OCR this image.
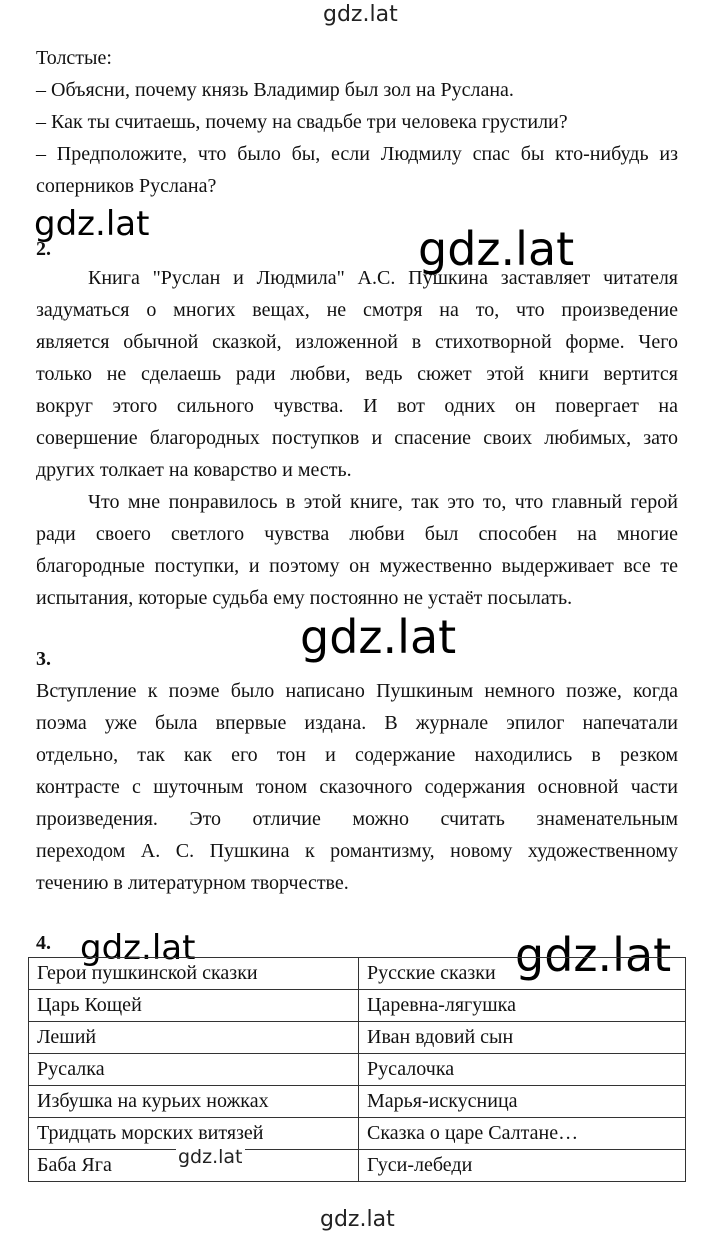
gdz.lat
gdz.lat	gdz.lat
gdz.lat
gdz.lat	gdz.lat
gdz.lat
Толстые:
– Объясни, почему князь Владимир был зол на Руслана.
– Как ты считаешь, почему на свадьбе три человека грустили?
– Предположите, что было бы, если Людмилу спас бы кто-нибудь из
соперников Руслана?
2.
Книга "Руслан и Людмила" А.С. Пушкина заставляет читателя
задуматься о многих вещах, не смотря на то, что произведение
является обычной сказкой, изложенной в стихотворной форме. Чего
только не сделаешь ради любви, ведь сюжет этой книги вертится
вокруг этого сильного чувства. И вот одних он повергает на
совершение благородных поступков и спасение своих любимых, зато
других толкает на коварство и месть.
Что мне понравилось в этой книге, так это то, что главный герой
ради своего светлого чувства любви был способен на многие
благородные поступки, и поэтому он мужественно выдерживает все те
испытания, которые судьба ему постоянно не устаёт посылать.
3.
Вступление к поэме было написано Пушкиным немного позже, когда
поэма уже была впервые издана. В журнале эпилог напечатали
отдельно, так как его тон и содержание находились в резком
контрасте с шуточным тоном сказочного содержания основной части
произведения. Это отличие можно считать знаменательным
переходом А. С. Пушкина к романтизму, новому художественному
течению в литературном творчестве.
4.
Герои пушкинской сказки	Русские сказки
Царь Кощей	Царевна-лягушка
Леший	Иван вдовий сын
Русалка	Русалочка
Избушка на курьих ножках	Марья-искусница
Тридцать морских витязей	Сказка о царе Салтане…
Баба Яга	Гуси-лебеди
gdz.lat
